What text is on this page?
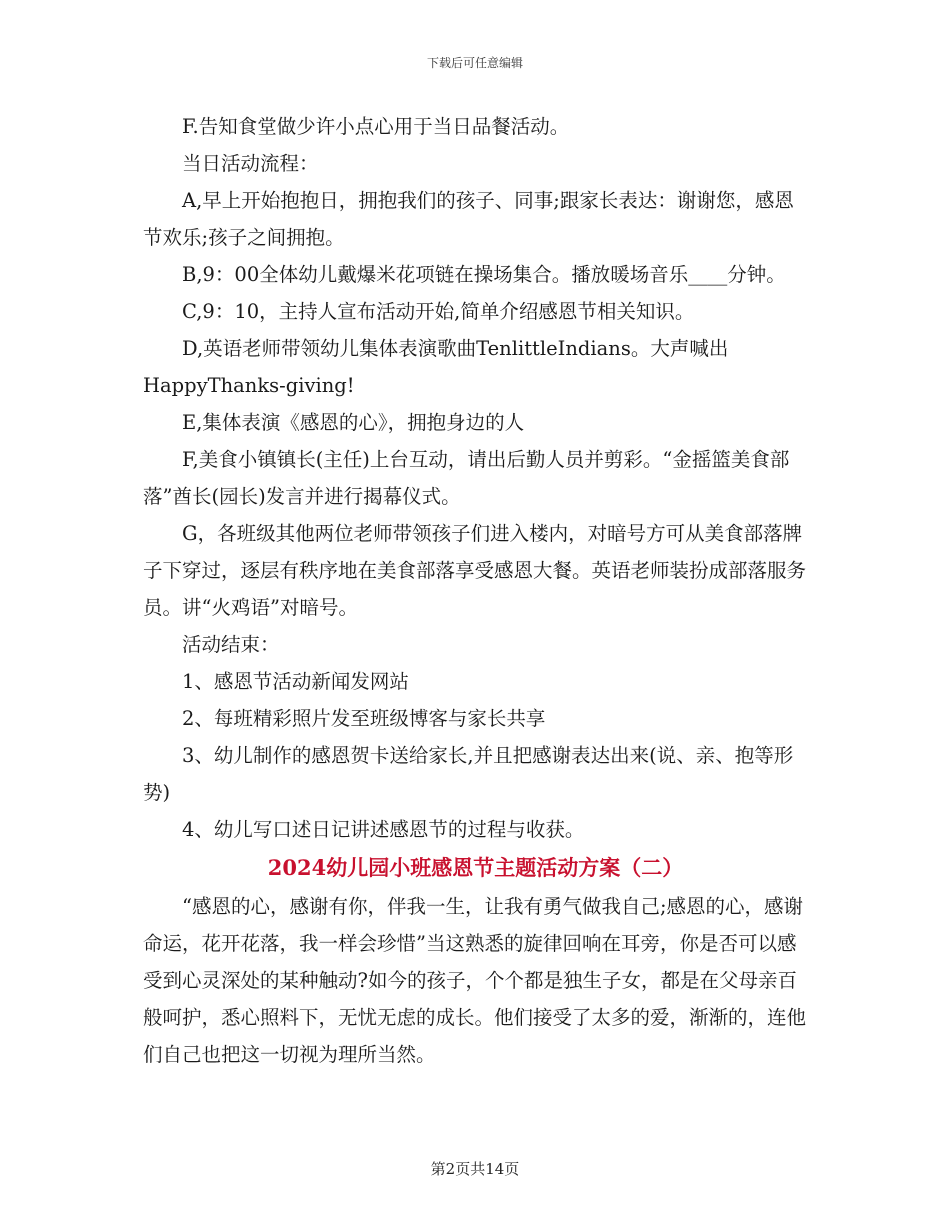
下载后可任意编辑

F.告知食堂做少许小点心用于当日品餐活动。

当日活动流程：

A,早上开始抱抱日，拥抱我们的孩子、同事;跟家长表达：谢谢您，感恩节欢乐;孩子之间拥抱。

B,9：00全体幼儿戴爆米花项链在操场集合。播放暖场音乐____分钟。

C,9：10，主持人宣布活动开始,简单介绍感恩节相关知识。

D,英语老师带领幼儿集体表演歌曲TenlittleIndians。大声喊出

HappyThanks-giving!

E,集体表演《感恩的心》，拥抱身边的人

F,美食小镇镇长(主任)上台互动，请出后勤人员并剪彩。“金摇篮美食部落”酋长(园长)发言并进行揭幕仪式。

G，各班级其他两位老师带领孩子们进入楼内，对暗号方可从美食部落牌子下穿过，逐层有秩序地在美食部落享受感恩大餐。英语老师装扮成部落服务员。讲“火鸡语”对暗号。

活动结束：

1、感恩节活动新闻发网站

2、每班精彩照片发至班级博客与家长共享

3、幼儿制作的感恩贺卡送给家长,并且把感谢表达出来(说、亲、抱等形势)

4、幼儿写口述日记讲述感恩节的过程与收获。

2024幼儿园小班感恩节主题活动方案（二）

“感恩的心，感谢有你，伴我一生，让我有勇气做我自己;感恩的心，感谢命运，花开花落，我一样会珍惜”当这熟悉的旋律回响在耳旁，你是否可以感受到心灵深处的某种触动?如今的孩子，个个都是独生子女，都是在父母亲百般呵护，悉心照料下，无忧无虑的成长。他们接受了太多的爱，渐渐的，连他们自己也把这一切视为理所当然。

第2页共14页
